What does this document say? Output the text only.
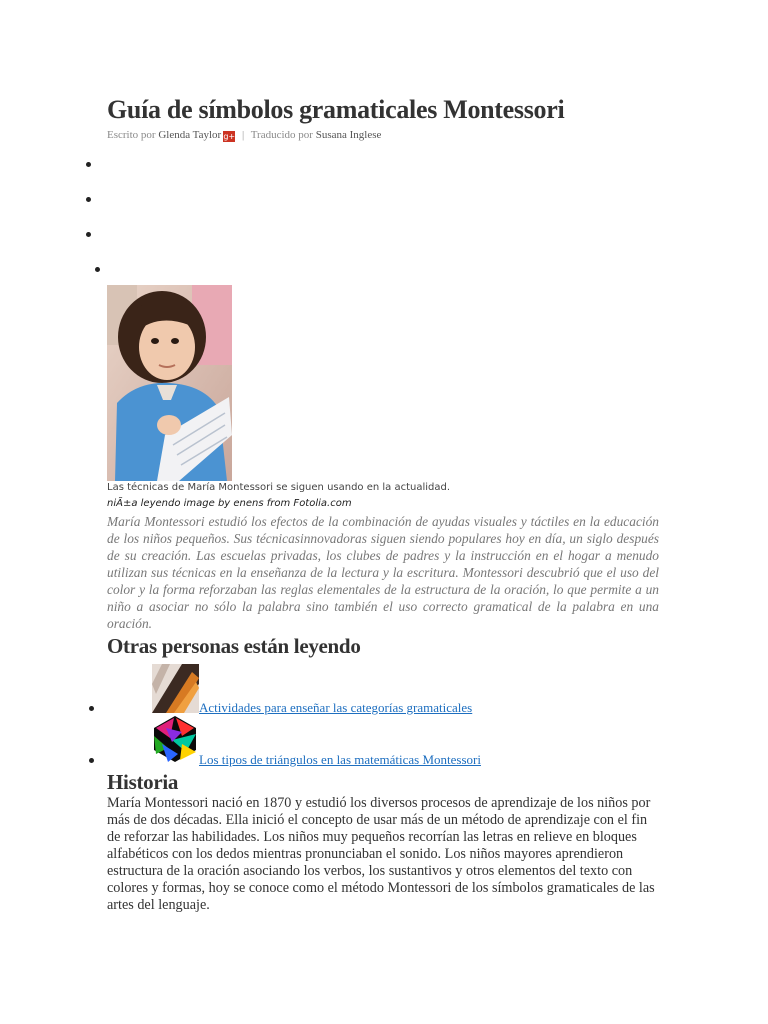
Guía de símbolos gramaticales Montessori
Escrito por Glenda Taylor g+ | Traducido por Susana Inglese
Las técnicas de María Montessori se siguen usando en la actualidad.
niÃ±a leyendo image by enens from Fotolia.com

María Montessori estudió los efectos de la combinación de ayudas visuales y táctiles en la educación de los niños pequeños. Sus técnicasinnovadoras siguen siendo populares hoy en día, un siglo después de su creación. Las escuelas privadas, los clubes de padres y la instrucción en el hogar a menudo utilizan sus técnicas en la enseñanza de la lectura y la escritura. Montessori descubrió que el uso del color y la forma reforzaban las reglas elementales de la estructura de la oración, lo que permite a un niño a asociar no sólo la palabra sino también el uso correcto gramatical de la palabra en una oración.

Otras personas están leyendo
Actividades para enseñar las categorías gramaticales
Los tipos de triángulos en las matemáticas Montessori
Historia

María Montessori nació en 1870 y estudió los diversos procesos de aprendizaje de los niños por más de dos décadas. Ella inició el concepto de usar más de un método de aprendizaje con el fin de reforzar las habilidades. Los niños muy pequeños recorrían las letras en relieve en bloques alfabéticos con los dedos mientras pronunciaban el sonido. Los niños mayores aprendieron estructura de la oración asociando los verbos, los sustantivos y otros elementos del texto con colores y formas, hoy se conoce como el método Montessori de los símbolos gramaticales de las artes del lenguaje.
